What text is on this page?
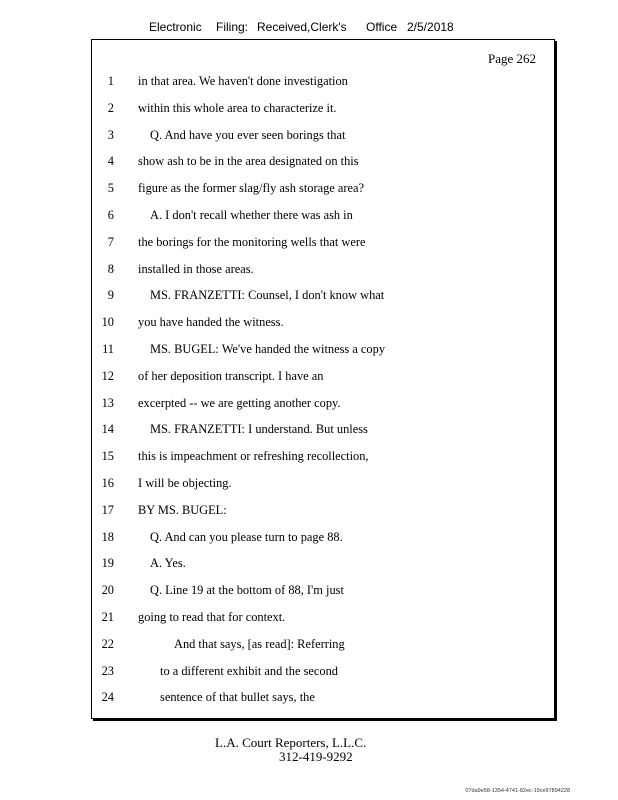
Electronic Filing: Received,Clerk's Office 2/5/2018
Page 262
1 in that area. We haven't done investigation
2 within this whole area to characterize it.
3	Q. And have you ever seen borings that
4 show ash to be in the area designated on this
5 figure as the former slag/fly ash storage area?
6	A. I don't recall whether there was ash in
7 the borings for the monitoring wells that were
8 installed in those areas.
9	MS. FRANZETTI: Counsel, I don't know what
10 you have handed the witness.
11	MS. BUGEL: We've handed the witness a copy
12 of her deposition transcript. I have an
13 excerpted -- we are getting another copy.
14	MS. FRANZETTI: I understand. But unless
15 this is impeachment or refreshing recollection,
16 I will be objecting.
17 BY MS. BUGEL:
18	Q. And can you please turn to page 88.
19	A. Yes.
20	Q. Line 19 at the bottom of 88, I'm just
21 going to read that for context.
22	And that says, [as read]: Referring
23	to a different exhibit and the second
24	sentence of that bullet says, the
L.A. Court Reporters, L.L.C.
312-419-9292
07da9e58-1354-4741-82ec-19ce97894228
